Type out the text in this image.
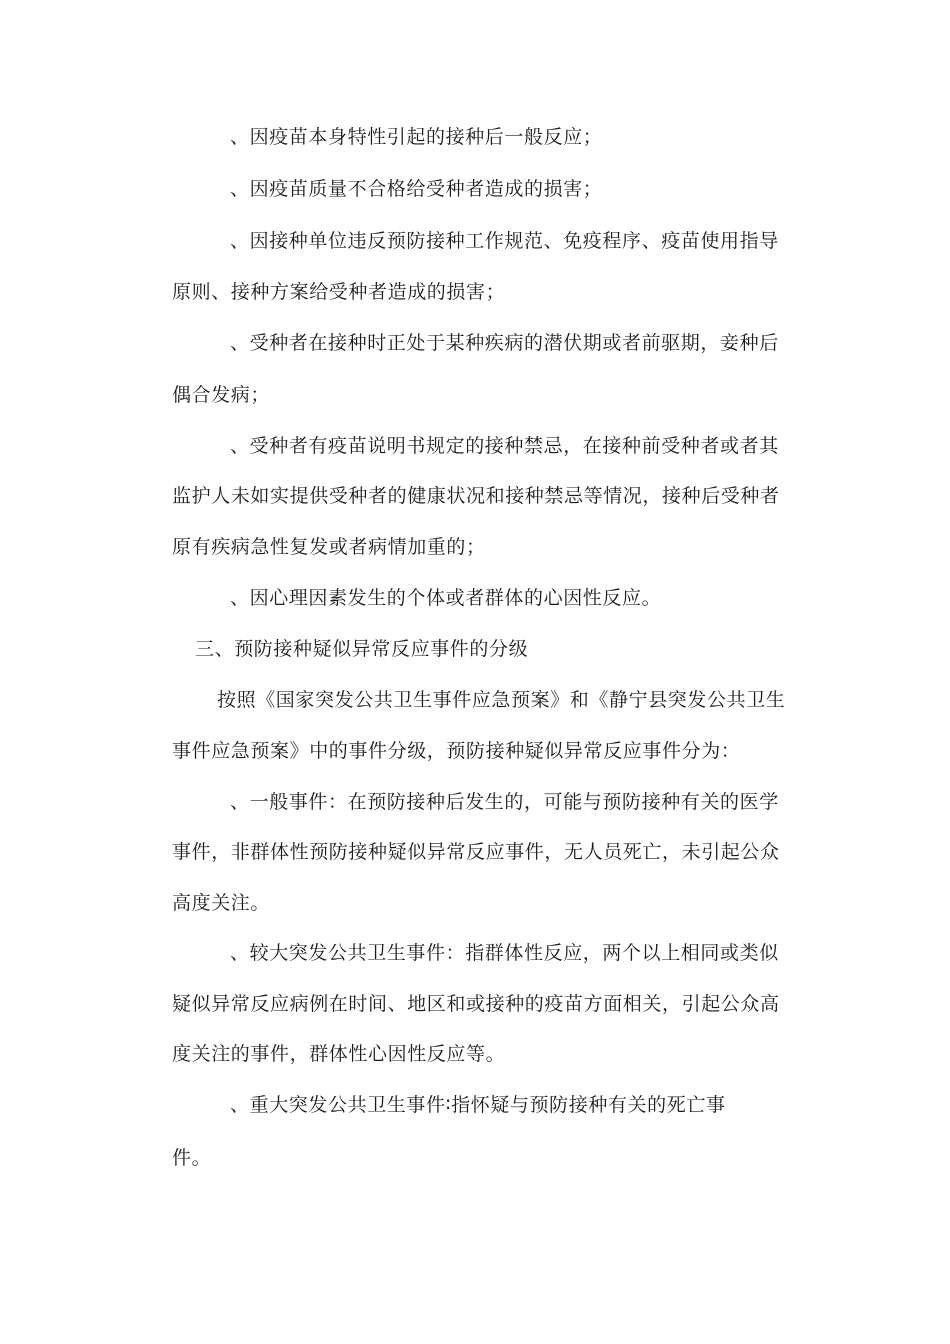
、因疫苗本身特性引起的接种后一般反应；
、因疫苗质量不合格给受种者造成的损害；
、因接种单位违反预防接种工作规范、免疫程序、疫苗使用指导
原则、接种方案给受种者造成的损害；
、受种者在接种时正处于某种疾病的潜伏期或者前驱期，妾种后
偶合发病；
、受种者有疫苗说明书规定的接种禁忌，在接种前受种者或者其
监护人未如实提供受种者的健康状况和接种禁忌等情况，接种后受种者
原有疾病急性复发或者病情加重的；
、因心理因素发生的个体或者群体的心因性反应。
三、预防接种疑似异常反应事件的分级
按照《国家突发公共卫生事件应急预案》和《静宁县突发公共卫生
事件应急预案》中的事件分级，预防接种疑似异常反应事件分为：
、一般事件：在预防接种后发生的，可能与预防接种有关的医学
事件，非群体性预防接种疑似异常反应事件，无人员死亡，未引起公众
高度关注。
、较大突发公共卫生事件：指群体性反应，两个以上相同或类似
疑似异常反应病例在时间、地区和或接种的疫苗方面相关，引起公众高
度关注的事件，群体性心因性反应等。
、重大突发公共卫生事件∶指怀疑与预防接种有关的死亡事
件。
